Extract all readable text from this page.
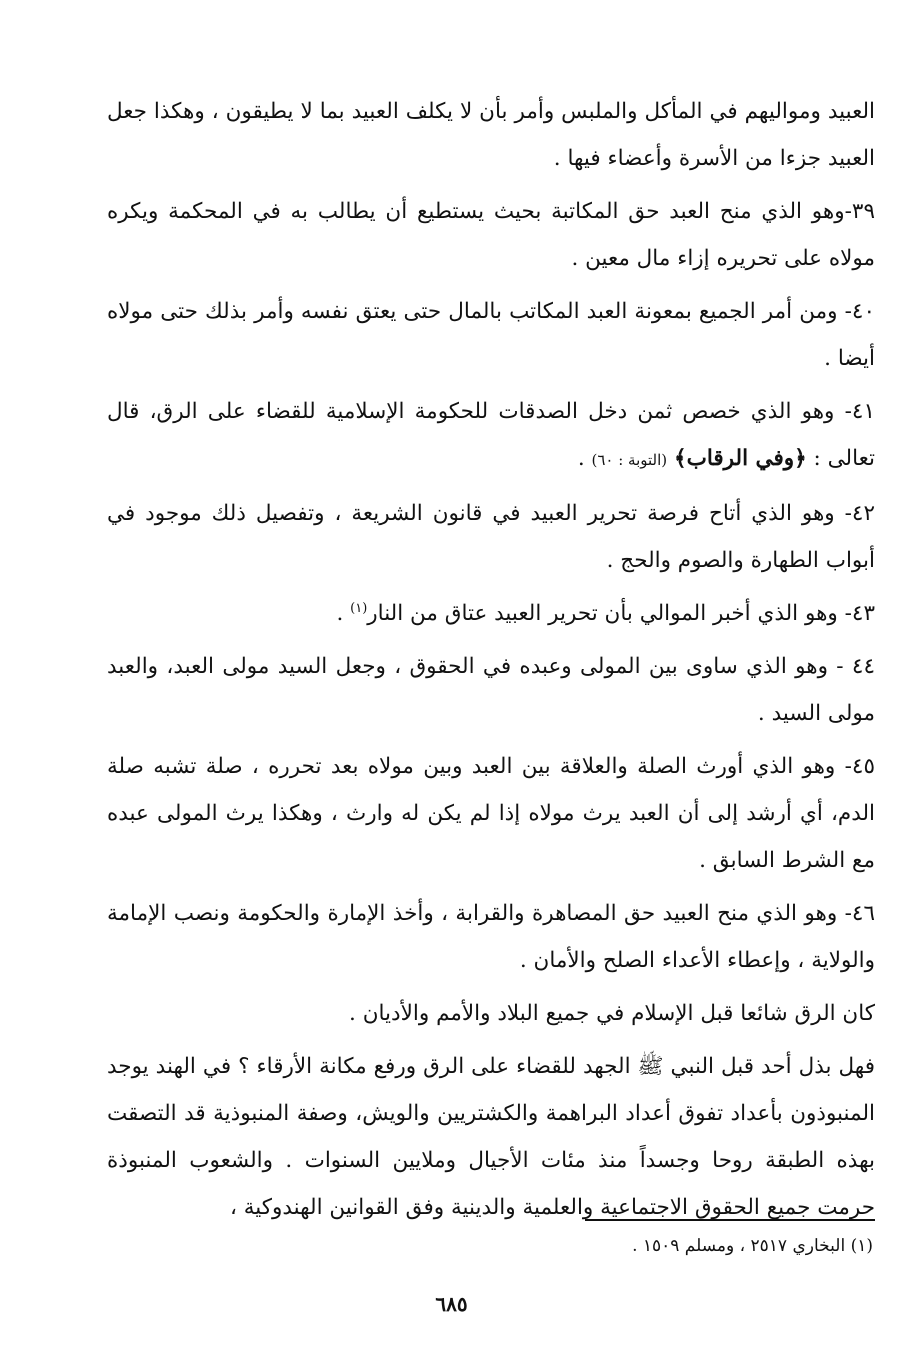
العبيد ومواليهم في المأكل والملبس وأمر بأن لا يكلف العبيد بما لا يطيقون ، وهكذا جعل العبيد جزءا من الأسرة وأعضاء فيها .

٣٩-وهو الذي منح العبد حق المكاتبة بحيث يستطيع أن يطالب به في المحكمة ويكره مولاه على تحريره إزاء مال معين .

٤٠- ومن أمر الجميع بمعونة العبد المكاتب بالمال حتى يعتق نفسه وأمر بذلك حتى مولاه أيضا .

٤١- وهو الذي خصص ثمن دخل الصدقات للحكومة الإسلامية للقضاء على الرق، قال تعالى : ﴿وفي الرقاب﴾ (التوبة : ٦٠) .

٤٢- وهو الذي أتاح فرصة تحرير العبيد في قانون الشريعة ، وتفصيل ذلك موجود في أبواب الطهارة والصوم والحج .

٤٣- وهو الذي أخبر الموالي بأن تحرير العبيد عتاق من النار$^{(١)}$ .

٤٤ - وهو الذي ساوى بين المولى وعبده في الحقوق ، وجعل السيد مولى العبد، والعبد مولى السيد .

٤٥- وهو الذي أورث الصلة والعلاقة بين العبد وبين مولاه بعد تحرره ، صلة تشبه صلة الدم، أي أرشد إلى أن العبد يرث مولاه إذا لم يكن له وارث ، وهكذا يرث المولى عبده مع الشرط السابق .

٤٦- وهو الذي منح العبيد حق المصاهرة والقرابة ، وأخذ الإمارة والحكومة ونصب الإمامة والولاية ، وإعطاء الأعداء الصلح والأمان .

كان الرق شائعا قبل الإسلام في جميع البلاد والأمم والأديان .

فهل بذل أحد قبل النبي ﷺ الجهد للقضاء على الرق ورفع مكانة الأرقاء ؟ في الهند يوجد المنبوذون بأعداد تفوق أعداد البراهمة والكشتريين والويش، وصفة المنبوذية قد التصقت بهذه الطبقة روحا وجسداً منذ مئات الأجيال وملايين السنوات . والشعوب المنبوذة حرمت جميع الحقوق الاجتماعية والعلمية والدينية وفق القوانين الهندوكية ،

(١) البخاري ٢٥١٧ ، ومسلم ١٥٠٩ .
٦٨٥
